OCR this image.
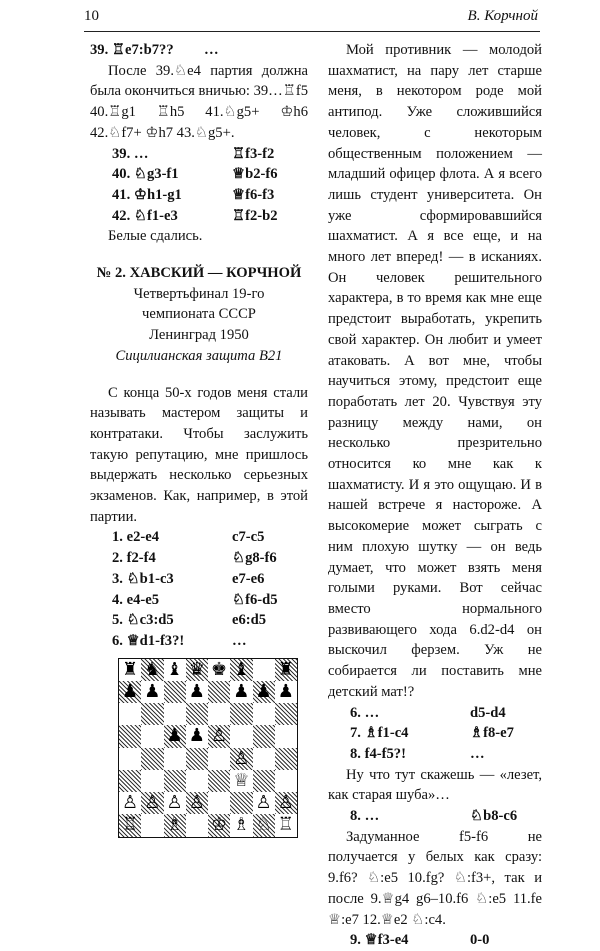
10	В. Корчной
39. ♖e7:b7??	…
После 39.♘e4 партия должна была окончиться вничью: 39…♖f5 40.♖g1 ♖h5 41.♘g5+ ♔h6 42.♘f7+ ♔h7 43.♘g5+.
39. …	♖f3-f2
40. ♘g3-f1	♕b2-f6
41. ♔h1-g1	♕f6-f3
42. ♘f1-e3	♖f2-b2
Белые сдались.
№ 2. ХАВСКИЙ — КОРЧНОЙ
Четвертьфинал 19-го
чемпионата СССР
Ленинград 1950
Сицилианская защита B21
С конца 50-х годов меня стали называть мастером защиты и контратаки. Чтобы заслужить такую репутацию, мне пришлось выдержать несколько серьезных экзаменов. Как, например, в этой партии.
1. e2-e4	c7-c5
2. f2-f4	♘g8-f6
3. ♘b1-c3	e7-e6
4. e4-e5	♘f6-d5
5. ♘c3:d5	e6:d5
6. ♕d1-f3?!	…
♜ ♞ ♝ ♛ ♚ ♝ ♜
♟ ♟ ♟ ♟ ♟ ♟
♟ ♟ ♙
♙
♕
♙ ♙ ♙ ♙	♙ ♙
♖ ♗ ♔ ♗ ♘ ♖
Мой противник — молодой шахматист, на пару лет старше меня, в некотором роде мой антипод. Уже сложившийся человек, с некоторым общественным положением — младший офицер флота. А я всего лишь студент университета. Он уже сформировавшийся шахматист. А я все еще, и на много лет вперед! — в исканиях. Он человек решительного характера, в то время как мне еще предстоит выработать, укрепить свой характер. Он любит и умеет атаковать. А вот мне, чтобы научиться этому, предстоит еще поработать лет 20. Чувствуя эту разницу между нами, он несколько презрительно относится ко мне как к шахматисту. И я это ощущаю. И в нашей встрече я настороже. А высокомерие может сыграть с ним плохую шутку — он ведь думает, что может взять меня голыми руками. Вот сейчас вместо нормального развивающего хода 6.d2-d4 он выскочил ферзем. Уж не собирается ли поставить мне детский мат!?
6. …	d5-d4
7. ♗f1-c4	♗f8-e7
8. f4-f5?!	…
Ну что тут скажешь — «лезет, как старая шуба»…
8. …	♘b8-c6
Задуманное f5-f6 не получается у белых как сразу: 9.f6? ♘:e5 10.fg? ♘:f3+, так и после 9.♕g4 g6–10.f6 ♘:e5 11.fe ♕:e7 12.♕e2 ♘:c4.
9. ♕f3-e4	0-0
